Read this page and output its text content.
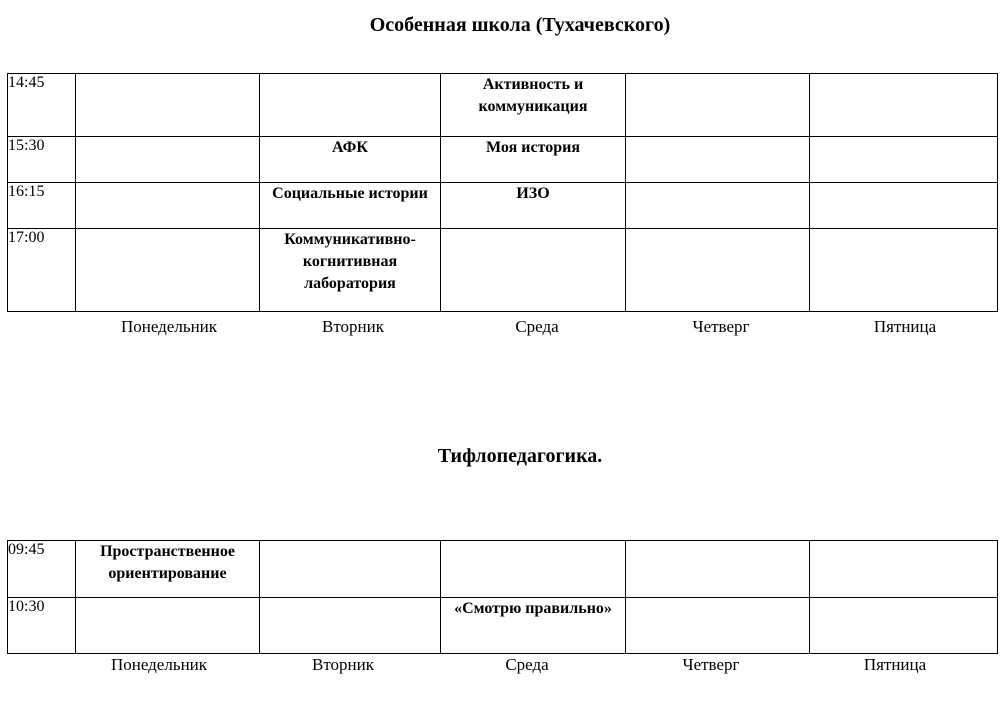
Особенная школа (Тухачевского)
14:45			Активность и коммуникация		
15:30		АФК	Моя история		
16:15		Социальные истории	ИЗО		
17:00		Коммуникативно-когнитивная лаборатория			
Понедельник	Вторник	Среда	Четверг	Пятница
Тифлопедагогика.
09:45	Пространственное ориентирование				
10:30			«Смотрю правильно»		
Понедельник	Вторник	Среда	Четверг	Пятница
